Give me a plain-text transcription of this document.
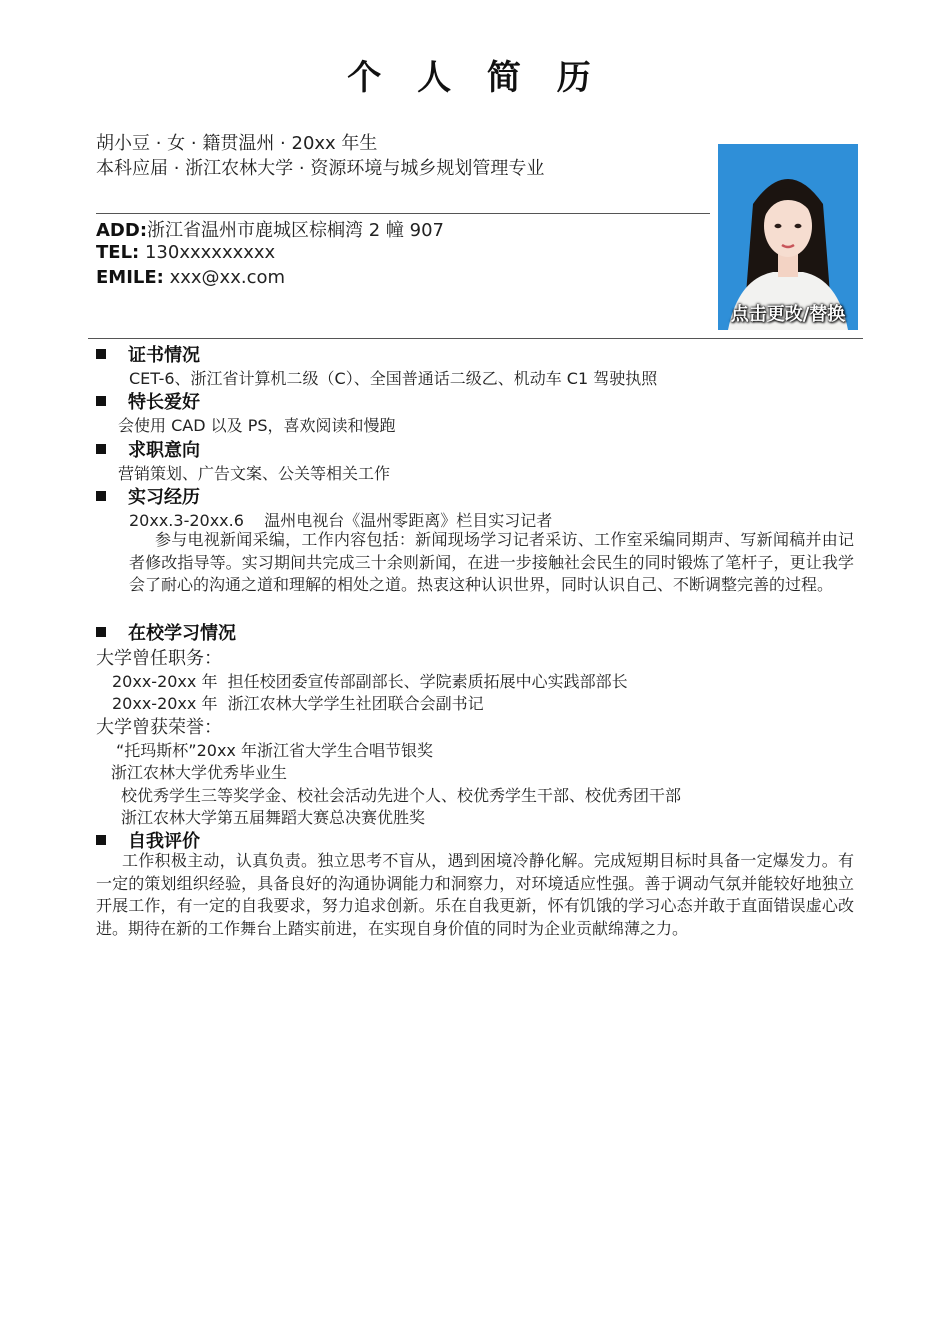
个 人 简 历
胡小豆 · 女 · 籍贯温州 · 20xx 年生
本科应届 · 浙江农林大学 · 资源环境与城乡规划管理专业
ADD:浙江省温州市鹿城区棕榈湾 2 幢 907
TEL: 130xxxxxxxxx
EMILE: xxx@xx.com
点击更改/替换
证书情况
CET-6、浙江省计算机二级（C）、全国普通话二级乙、机动车 C1 驾驶执照
特长爱好
会使用 CAD 以及 PS，喜欢阅读和慢跑
求职意向
营销策划、广告文案、公关等相关工作
实习经历
20xx.3-20xx.6    温州电视台《温州零距离》栏目实习记者
参与电视新闻采编，工作内容包括：新闻现场学习记者采访、工作室采编同期声、写新闻稿并由记者修改指导等。实习期间共完成三十余则新闻，在进一步接触社会民生的同时锻炼了笔杆子，更让我学会了耐心的沟通之道和理解的相处之道。热衷这种认识世界，同时认识自己、不断调整完善的过程。
在校学习情况
大学曾任职务：
20xx-20xx 年  担任校团委宣传部副部长、学院素质拓展中心实践部部长
20xx-20xx 年  浙江农林大学学生社团联合会副书记
大学曾获荣誉：
“托玛斯杯”20xx 年浙江省大学生合唱节银奖
浙江农林大学优秀毕业生
校优秀学生三等奖学金、校社会活动先进个人、校优秀学生干部、校优秀团干部
浙江农林大学第五届舞蹈大赛总决赛优胜奖
自我评价
工作积极主动，认真负责。独立思考不盲从，遇到困境冷静化解。完成短期目标时具备一定爆发力。有一定的策划组织经验，具备良好的沟通协调能力和洞察力，对环境适应性强。善于调动气氛并能较好地独立开展工作，有一定的自我要求，努力追求创新。乐在自我更新，怀有饥饿的学习心态并敢于直面错误虚心改进。期待在新的工作舞台上踏实前进，在实现自身价值的同时为企业贡献绵薄之力。
